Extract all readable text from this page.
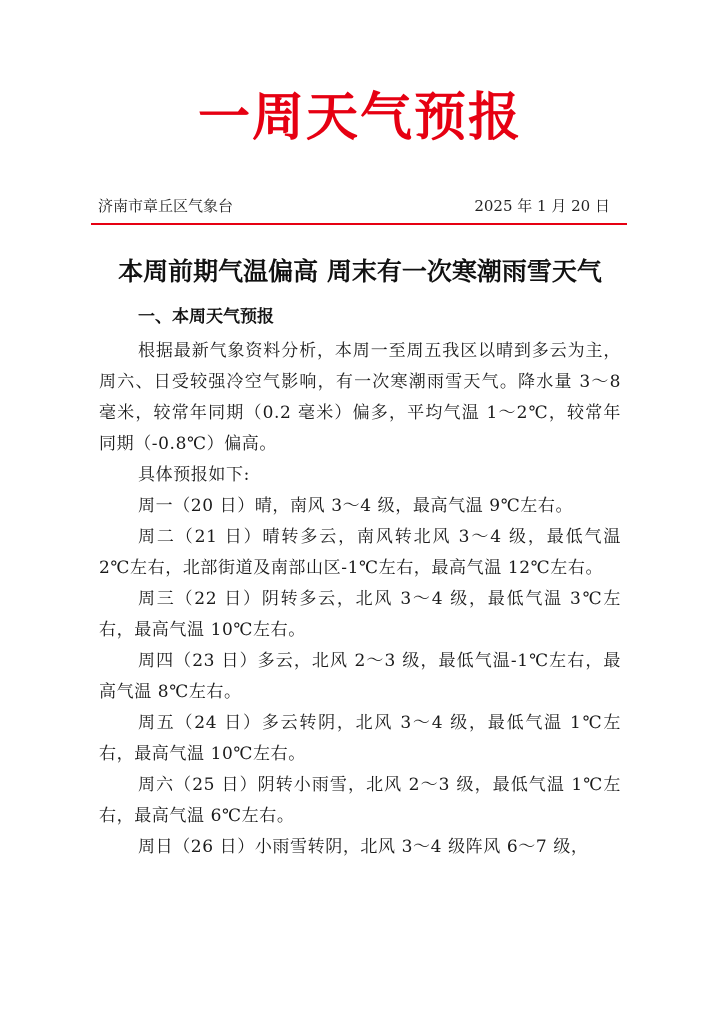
一周天气预报
济南市章丘区气象台	2025 年 1 月 20 日
本周前期气温偏高 周末有一次寒潮雨雪天气
一、本周天气预报

根据最新气象资料分析，本周一至周五我区以晴到多云为主，周六、日受较强冷空气影响，有一次寒潮雨雪天气。降水量 3～8 毫米，较常年同期（0.2 毫米）偏多，平均气温 1～2℃，较常年同期（-0.8℃）偏高。

具体预报如下:

周一（20 日）晴，南风 3～4 级，最高气温 9℃左右。

周二（21 日）晴转多云，南风转北风 3～4 级，最低气温 2℃左右，北部街道及南部山区-1℃左右，最高气温 12℃左右。

周三（22 日）阴转多云，北风 3～4 级，最低气温 3℃左右，最高气温 10℃左右。

周四（23 日）多云，北风 2～3 级，最低气温-1℃左右，最高气温 8℃左右。

周五（24 日）多云转阴，北风 3～4 级，最低气温 1℃左右，最高气温 10℃左右。

周六（25 日）阴转小雨雪，北风 2～3 级，最低气温 1℃左右，最高气温 6℃左右。

周日（26 日）小雨雪转阴，北风 3～4 级阵风 6～7 级，
